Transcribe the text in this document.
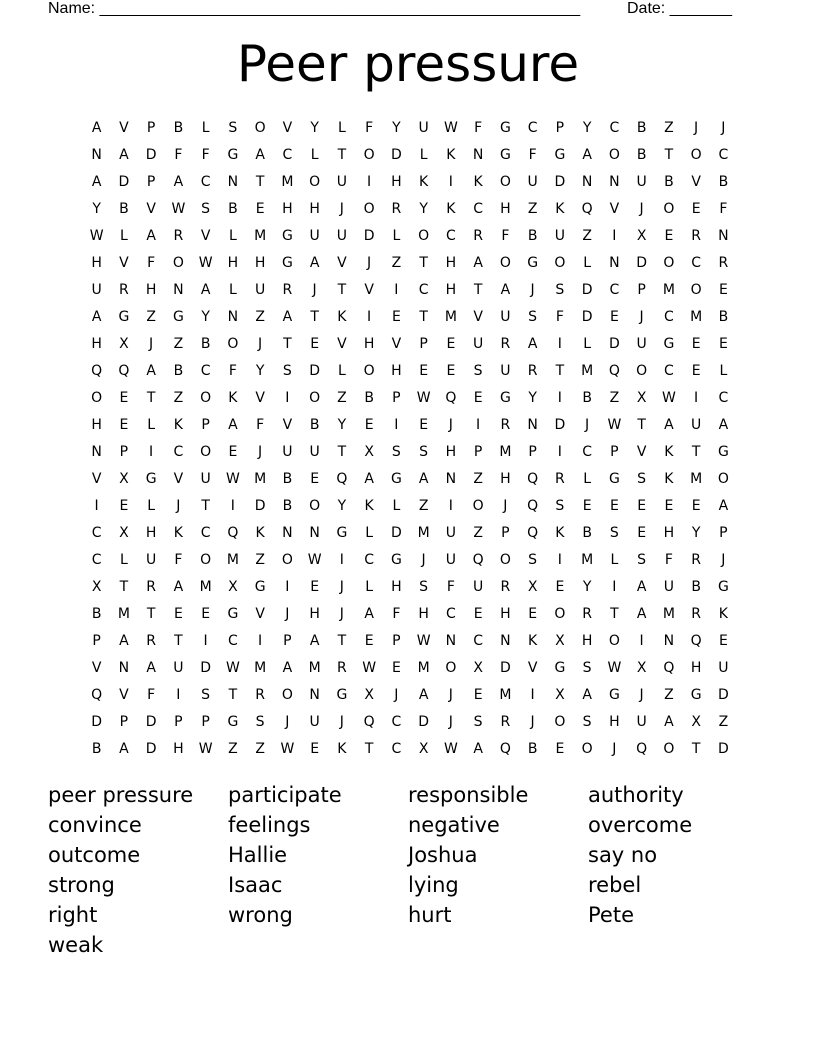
Name: ______________________________________________________	Date: _______
Peer pressure
A	V	P	B	L	S	O	V	Y	L	F	Y	U	W	F	G	C	P	Y	C	B	Z	J	J
N	A	D	F	F	G	A	C	L	T	O	D	L	K	N	G	F	G	A	O	B	T	O	C
A	D	P	A	C	N	T	M	O	U	I	H	K	I	K	O	U	D	N	N	U	B	V	B
Y	B	V	W	S	B	E	H	H	J	O	R	Y	K	C	H	Z	K	Q	V	J	O	E	F
W	L	A	R	V	L	M	G	U	U	D	L	O	C	R	F	B	U	Z	I	X	E	R	N
H	V	F	O	W	H	H	G	A	V	J	Z	T	H	A	O	G	O	L	N	D	O	C	R
U	R	H	N	A	L	U	R	J	T	V	I	C	H	T	A	J	S	D	C	P	M	O	E
A	G	Z	G	Y	N	Z	A	T	K	I	E	T	M	V	U	S	F	D	E	J	C	M	B
H	X	J	Z	B	O	J	T	E	V	H	V	P	E	U	R	A	I	L	D	U	G	E	E
Q	Q	A	B	C	F	Y	S	D	L	O	H	E	E	S	U	R	T	M	Q	O	C	E	L
O	E	T	Z	O	K	V	I	O	Z	B	P	W	Q	E	G	Y	I	B	Z	X	W	I	C
H	E	L	K	P	A	F	V	B	Y	E	I	E	J	I	R	N	D	J	W	T	A	U	A
N	P	I	C	O	E	J	U	U	T	X	S	S	H	P	M	P	I	C	P	V	K	T	G
V	X	G	V	U	W	M	B	E	Q	A	G	A	N	Z	H	Q	R	L	G	S	K	M	O
I	E	L	J	T	I	D	B	O	Y	K	L	Z	I	O	J	Q	S	E	E	E	E	E	A
C	X	H	K	C	Q	K	N	N	G	L	D	M	U	Z	P	Q	K	B	S	E	H	Y	P
C	L	U	F	O	M	Z	O	W	I	C	G	J	U	Q	O	S	I	M	L	S	F	R	J
X	T	R	A	M	X	G	I	E	J	L	H	S	F	U	R	X	E	Y	I	A	U	B	G
B	M	T	E	E	G	V	J	H	J	A	F	H	C	E	H	E	O	R	T	A	M	R	K
P	A	R	T	I	C	I	P	A	T	E	P	W	N	C	N	K	X	H	O	I	N	Q	E
V	N	A	U	D	W	M	A	M	R	W	E	M	O	X	D	V	G	S	W	X	Q	H	U
Q	V	F	I	S	T	R	O	N	G	X	J	A	J	E	M	I	X	A	G	J	Z	G	D
D	P	D	P	P	G	S	J	U	J	Q	C	D	J	S	R	J	O	S	H	U	A	X	Z
B	A	D	H	W	Z	Z	W	E	K	T	C	X	W	A	Q	B	E	O	J	Q	O	T	D
peer pressure	participate	responsible	authority
convince	feelings	negative	overcome
outcome	Hallie	Joshua	say no
strong	Isaac	lying	rebel
right	wrong	hurt	Pete
weak
